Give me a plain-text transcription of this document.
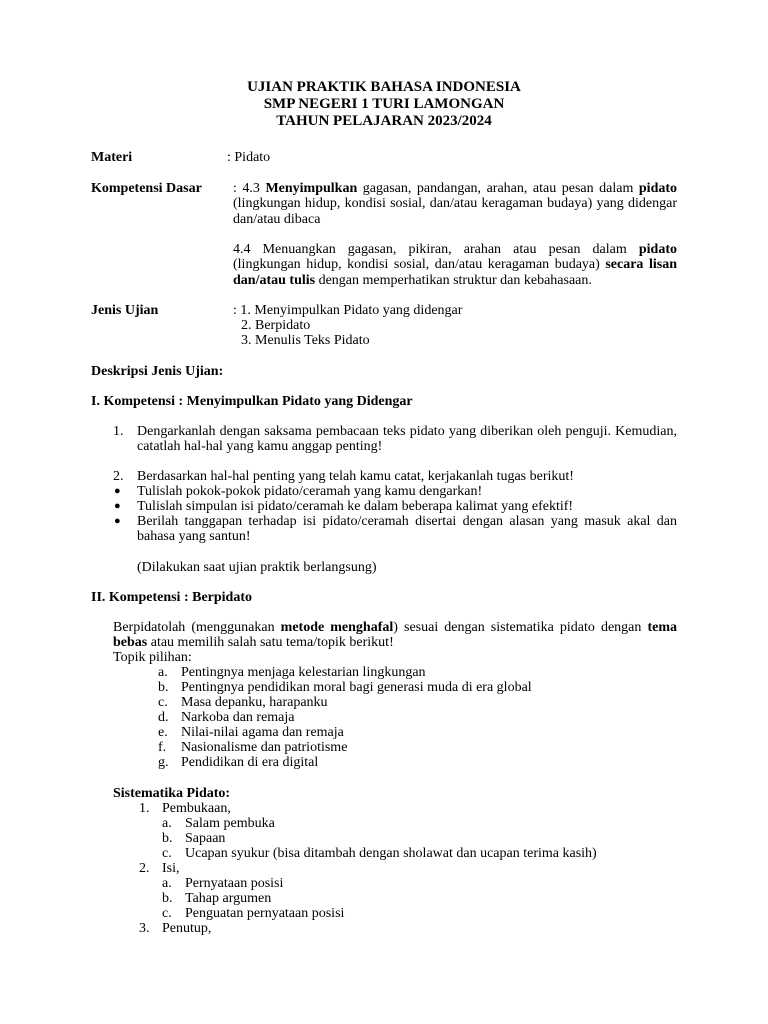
UJIAN PRAKTIK BAHASA INDONESIA
SMP NEGERI 1 TURI LAMONGAN
TAHUN PELAJARAN 2023/2024
Materi	: Pidato
Kompetensi Dasar : 4.3 Menyimpulkan gagasan, pandangan, arahan, atau pesan dalam pidato (lingkungan hidup, kondisi sosial, dan/atau keragaman budaya) yang didengar dan/atau dibaca
4.4 Menuangkan gagasan, pikiran, arahan atau pesan dalam pidato (lingkungan hidup, kondisi sosial, dan/atau keragaman budaya) secara lisan dan/atau tulis dengan memperhatikan struktur dan kebahasaan.
Jenis Ujian	: 1. Menyimpulkan Pidato yang didengar
2. Berpidato
3. Menulis Teks Pidato
Deskripsi Jenis Ujian:
I. Kompetensi : Menyimpulkan Pidato yang Didengar
1. Dengarkanlah dengan saksama pembacaan teks pidato yang diberikan oleh penguji. Kemudian, catatlah hal-hal yang kamu anggap penting!
2. Berdasarkan hal-hal penting yang telah kamu catat, kerjakanlah tugas berikut!
● Tulislah pokok-pokok pidato/ceramah yang kamu dengarkan!
● Tulislah simpulan isi pidato/ceramah ke dalam beberapa kalimat yang efektif!
● Berilah tanggapan terhadap isi pidato/ceramah disertai dengan alasan yang masuk akal dan bahasa yang santun!
(Dilakukan saat ujian praktik berlangsung)
II. Kompetensi : Berpidato
Berpidatolah (menggunakan metode menghafal) sesuai dengan sistematika pidato dengan tema bebas atau memilih salah satu tema/topik berikut!
Topik pilihan:
a. Pentingnya menjaga kelestarian lingkungan
b. Pentingnya pendidikan moral bagi generasi muda di era global
c. Masa depanku, harapanku
d. Narkoba dan remaja
e. Nilai-nilai agama dan remaja
f. Nasionalisme dan patriotisme
g. Pendidikan di era digital
Sistematika Pidato:
1. Pembukaan,
a. Salam pembuka
b. Sapaan
c. Ucapan syukur (bisa ditambah dengan sholawat dan ucapan terima kasih)
2. Isi,
a. Pernyataan posisi
b. Tahap argumen
c. Penguatan pernyataan posisi
3. Penutup,
